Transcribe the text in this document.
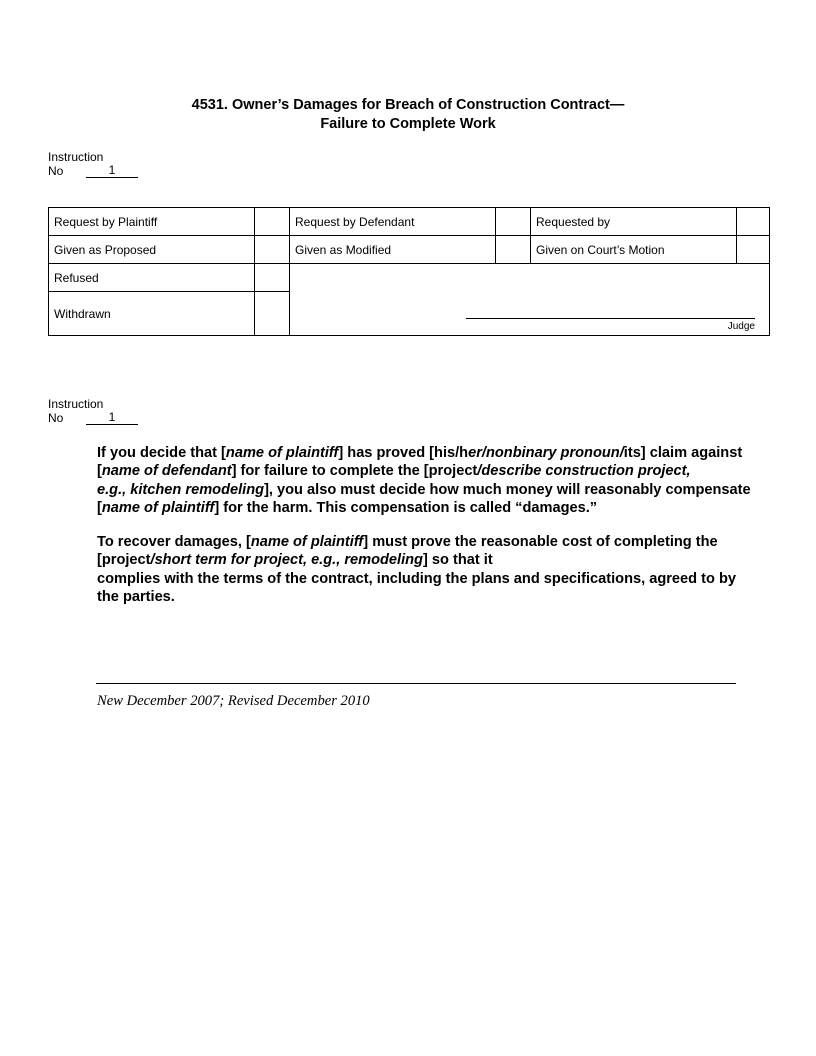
4531. Owner’s Damages for Breach of Construction Contract—
Failure to Complete Work
Instruction
No	1
Request by Plaintiff		Request by Defendant		Requested by	
Given as Proposed		Given as Modified		Given on Court’s Motion	
Refused		Judge			

Withdrawn					
Instruction
No	1

If you decide that [name of plaintiff] has proved [his/her/nonbinary pronoun/its] claim against [name of defendant] for failure to complete the [project/describe construction project,
e.g., kitchen remodeling], you also must decide how much money will reasonably compensate [name of plaintiff] for the harm. This compensation is called “damages.”

To recover damages, [name of plaintiff] must prove the reasonable cost of completing the [project/short term for project, e.g., remodeling] so that it
complies with the terms of the contract, including the plans and specifications, agreed to by the parties.

New December 2007; Revised December 2010
